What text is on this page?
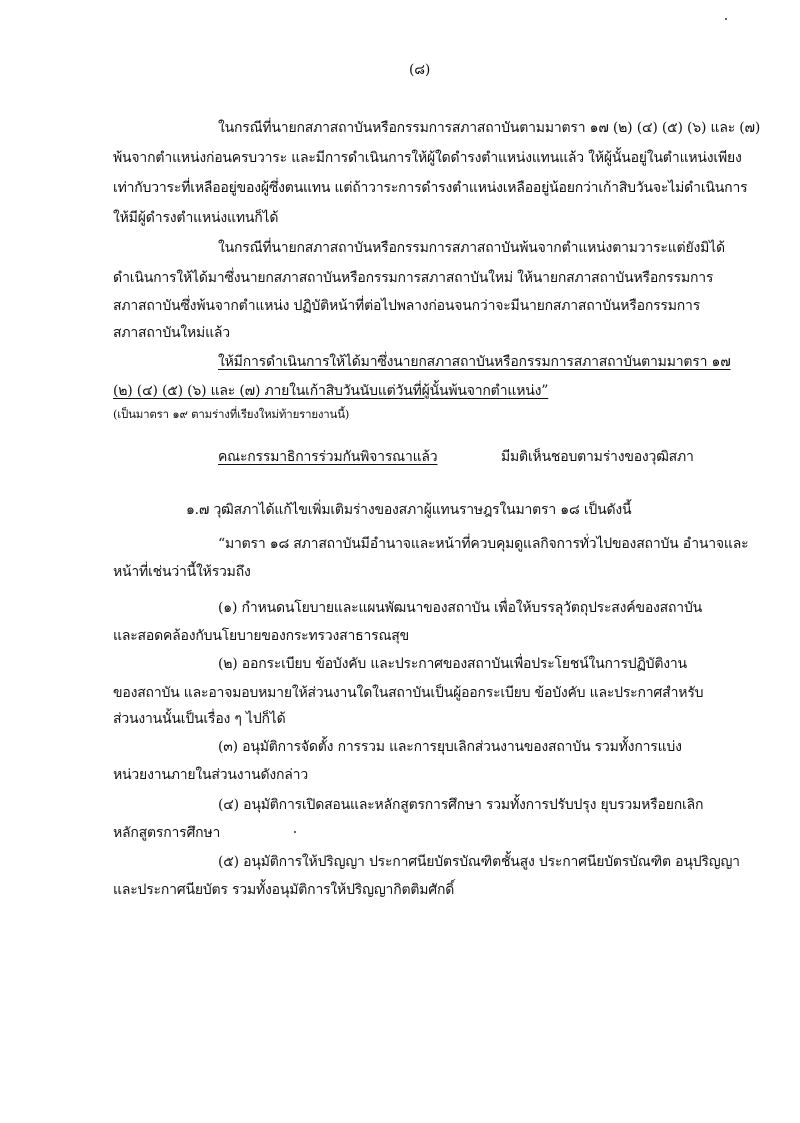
(๘)
ในกรณีที่นายกสภาสถาบันหรือกรรมการสภาสถาบันตามมาตรา ๑๗ (๒) (๔) (๕) (๖) และ (๗)
พ้นจากตำแหน่งก่อนครบวาระ และมีการดำเนินการให้ผู้ใดดำรงตำแหน่งแทนแล้ว ให้ผู้นั้นอยู่ในตำแหน่งเพียง
เท่ากับวาระที่เหลืออยู่ของผู้ซึ่งตนแทน แต่ถ้าวาระการดำรงตำแหน่งเหลืออยู่น้อยกว่าเก้าสิบวันจะไม่ดำเนินการ
ให้มีผู้ดำรงตำแหน่งแทนก็ได้
ในกรณีที่นายกสภาสถาบันหรือกรรมการสภาสถาบันพ้นจากตำแหน่งตามวาระแต่ยังมิได้
ดำเนินการให้ได้มาซึ่งนายกสภาสถาบันหรือกรรมการสภาสถาบันใหม่ ให้นายกสภาสถาบันหรือกรรมการ
สภาสถาบันซึ่งพ้นจากตำแหน่ง ปฏิบัติหน้าที่ต่อไปพลางก่อนจนกว่าจะมีนายกสภาสถาบันหรือกรรมการ
สภาสถาบันใหม่แล้ว
ให้มีการดำเนินการให้ได้มาซึ่งนายกสภาสถาบันหรือกรรมการสภาสถาบันตามมาตรา ๑๗
(๒) (๔) (๕) (๖) และ (๗) ภายในเก้าสิบวันนับแต่วันที่ผู้นั้นพ้นจากตำแหน่ง”
(เป็นมาตรา ๑๙ ตามร่างที่เรียงใหม่ท้ายรายงานนี้)
คณะกรรมาธิการร่วมกันพิจารณาแล้ว	มีมติเห็นชอบตามร่างของวุฒิสภา
๑.๗ วุฒิสภาได้แก้ไขเพิ่มเติมร่างของสภาผู้แทนราษฎรในมาตรา ๑๘ เป็นดังนี้
“มาตรา ๑๘ สภาสถาบันมีอำนาจและหน้าที่ควบคุมดูแลกิจการทั่วไปของสถาบัน อำนาจและ
หน้าที่เช่นว่านี้ให้รวมถึง
(๑) กำหนดนโยบายและแผนพัฒนาของสถาบัน เพื่อให้บรรลุวัตถุประสงค์ของสถาบัน
และสอดคล้องกับนโยบายของกระทรวงสาธารณสุข
(๒) ออกระเบียบ ข้อบังคับ และประกาศของสถาบันเพื่อประโยชน์ในการปฏิบัติงาน
ของสถาบัน และอาจมอบหมายให้ส่วนงานใดในสถาบันเป็นผู้ออกระเบียบ ข้อบังคับ และประกาศสำหรับ
ส่วนงานนั้นเป็นเรื่อง ๆ ไปก็ได้
(๓) อนุมัติการจัดตั้ง การรวม และการยุบเลิกส่วนงานของสถาบัน รวมทั้งการแบ่ง
หน่วยงานภายในส่วนงานดังกล่าว
(๔) อนุมัติการเปิดสอนและหลักสูตรการศึกษา รวมทั้งการปรับปรุง ยุบรวมหรือยกเลิก
หลักสูตรการศึกษา
(๕) อนุมัติการให้ปริญญา ประกาศนียบัตรบัณฑิตชั้นสูง ประกาศนียบัตรบัณฑิต อนุปริญญา
และประกาศนียบัตร รวมทั้งอนุมัติการให้ปริญญากิตติมศักดิ์
